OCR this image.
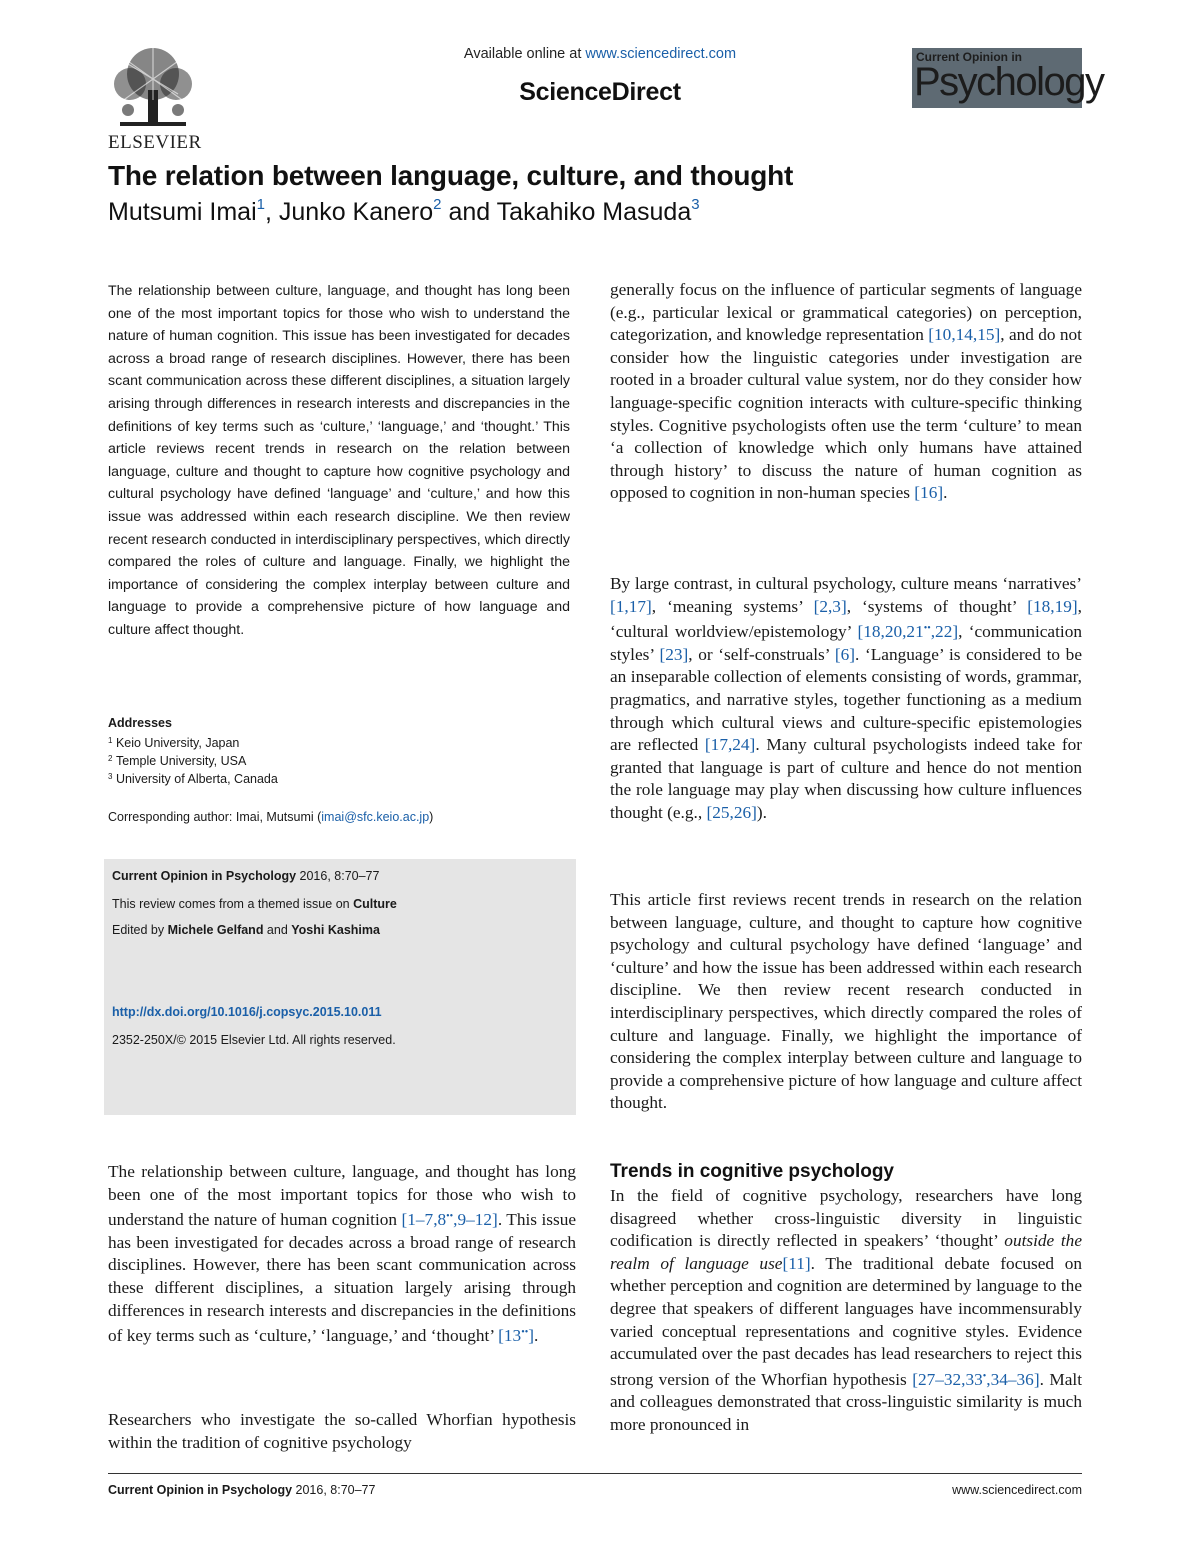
ELSEVIER
Available online at www.sciencedirect.com
ScienceDirect
Current Opinion in
Psychology
The relation between language, culture, and thought
Mutsumi Imai$^1$, Junko Kanero$^2$ and Takahiko Masuda$^3$
The relationship between culture, language, and thought has long been one of the most important topics for those who wish to understand the nature of human cognition. This issue has been investigated for decades across a broad range of research disciplines. However, there has been scant communication across these different disciplines, a situation largely arising through differences in research interests and discrepancies in the definitions of key terms such as ‘culture,’ ‘language,’ and ‘thought.’ This article reviews recent trends in research on the relation between language, culture and thought to capture how cognitive psychology and cultural psychology have defined ‘language’ and ‘culture,’ and how this issue was addressed within each research discipline. We then review recent research conducted in interdisciplinary perspectives, which directly compared the roles of culture and language. Finally, we highlight the importance of considering the complex interplay between culture and language to provide a comprehensive picture of how language and culture affect thought.
Addresses
$^1$ Keio University, Japan
$^2$ Temple University, USA
$^3$ University of Alberta, Canada
Corresponding author: Imai, Mutsumi (imai@sfc.keio.ac.jp)
Current Opinion in Psychology 2016, 8:70–77
This review comes from a themed issue on Culture
Edited by Michele Gelfand and Yoshi Kashima
http://dx.doi.org/10.1016/j.copsyc.2015.10.011
2352-250X/© 2015 Elsevier Ltd. All rights reserved.
The relationship between culture, language, and thought has long been one of the most important topics for those who wish to understand the nature of human cognition [1–7,8••,9–12]. This issue has been investigated for decades across a broad range of research disciplines. However, there has been scant communication across these different disciplines, a situation largely arising through differences in research interests and discrepancies in the definitions of key terms such as ‘culture,’ ‘language,’ and ‘thought’ [13••].
Researchers who investigate the so-called Whorfian hypothesis within the tradition of cognitive psychology
generally focus on the influence of particular segments of language (e.g., particular lexical or grammatical categories) on perception, categorization, and knowledge representation [10,14,15], and do not consider how the linguistic categories under investigation are rooted in a broader cultural value system, nor do they consider how language-specific cognition interacts with culture-specific thinking styles. Cognitive psychologists often use the term ‘culture’ to mean ‘a collection of knowledge which only humans have attained through history’ to discuss the nature of human cognition as opposed to cognition in non-human species [16].
By large contrast, in cultural psychology, culture means ‘narratives’ [1,17], ‘meaning systems’ [2,3], ‘systems of thought’ [18,19], ‘cultural worldview/epistemology’ [18,20,21••,22], ‘communication styles’ [23], or ‘self-construals’ [6]. ‘Language’ is considered to be an inseparable collection of elements consisting of words, grammar, pragmatics, and narrative styles, together functioning as a medium through which cultural views and culture-specific epistemologies are reflected [17,24]. Many cultural psychologists indeed take for granted that language is part of culture and hence do not mention the role language may play when discussing how culture influences thought (e.g., [25,26]).
This article first reviews recent trends in research on the relation between language, culture, and thought to capture how cognitive psychology and cultural psychology have defined ‘language’ and ‘culture’ and how the issue has been addressed within each research discipline. We then review recent research conducted in interdisciplinary perspectives, which directly compared the roles of culture and language. Finally, we highlight the importance of considering the complex interplay between culture and language to provide a comprehensive picture of how language and culture affect thought.
Trends in cognitive psychology
In the field of cognitive psychology, researchers have long disagreed whether cross-linguistic diversity in linguistic codification is directly reflected in speakers’ ‘thought’ outside the realm of language use[11]. The traditional debate focused on whether perception and cognition are determined by language to the degree that speakers of different languages have incommensurably varied conceptual representations and cognitive styles. Evidence accumulated over the past decades has lead researchers to reject this strong version of the Whorfian hypothesis [27–32,33•,34–36]. Malt and colleagues demonstrated that cross-linguistic similarity is much more pronounced in
Current Opinion in Psychology 2016, 8:70–77	www.sciencedirect.com
